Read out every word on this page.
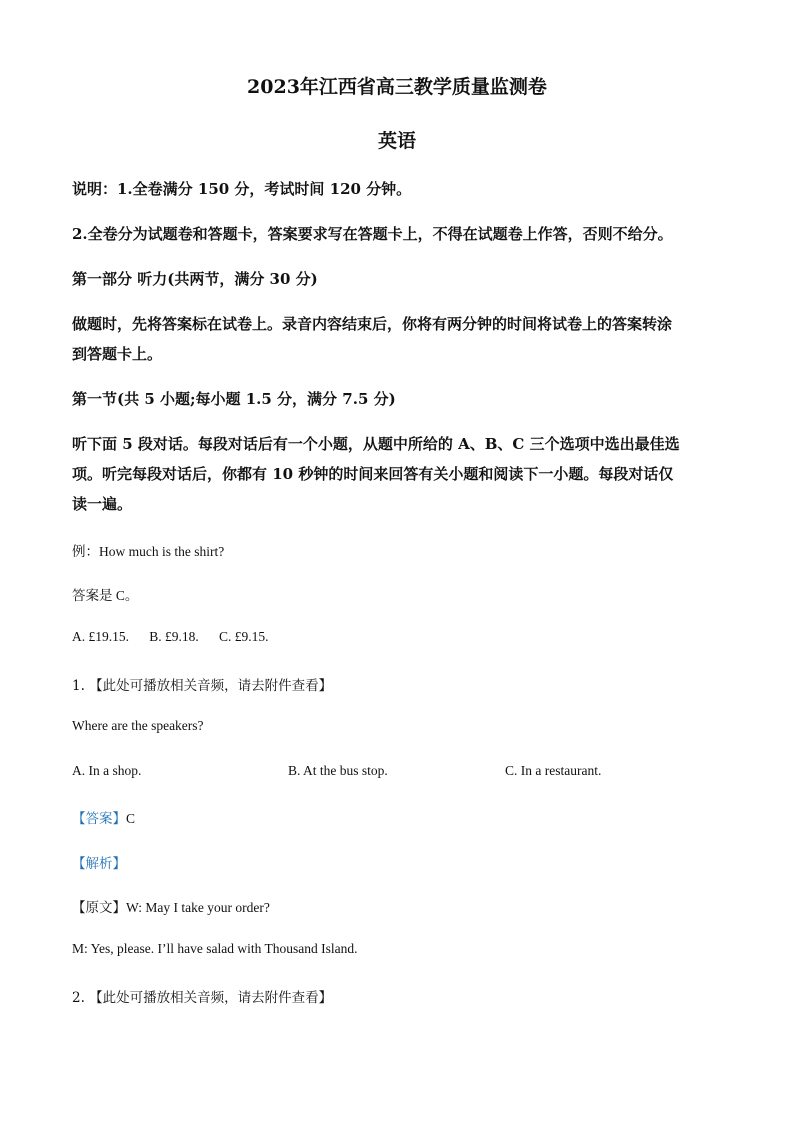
2023年江西省高三教学质量监测卷
英语
说明：1.全卷满分 150 分，考试时间 120 分钟。
2.全卷分为试题卷和答题卡，答案要求写在答题卡上，不得在试题卷上作答，否则不给分。
第一部分 听力(共两节，满分 30 分)
做题时，先将答案标在试卷上。录音内容结束后，你将有两分钟的时间将试卷上的答案转涂
到答题卡上。
第一节(共 5 小题;每小题 1.5 分，满分 7.5 分)
听下面 5 段对话。每段对话后有一个小题，从题中所给的 A、B、C 三个选项中选出最佳选
项。听完每段对话后，你都有 10 秒钟的时间来回答有关小题和阅读下一小题。每段对话仅
读一遍。
例：How much is the shirt?
答案是 C。
A. £19.15.      B. £9.18.      C. £9.15.
1. 【此处可播放相关音频，请去附件查看】
Where are the speakers?
A. In a shop.	B. At the bus stop.	C. In a restaurant.
【答案】C
【解析】
【原文】W: May I take your order?
M: Yes, please. I’ll have salad with Thousand Island.
2. 【此处可播放相关音频，请去附件查看】
